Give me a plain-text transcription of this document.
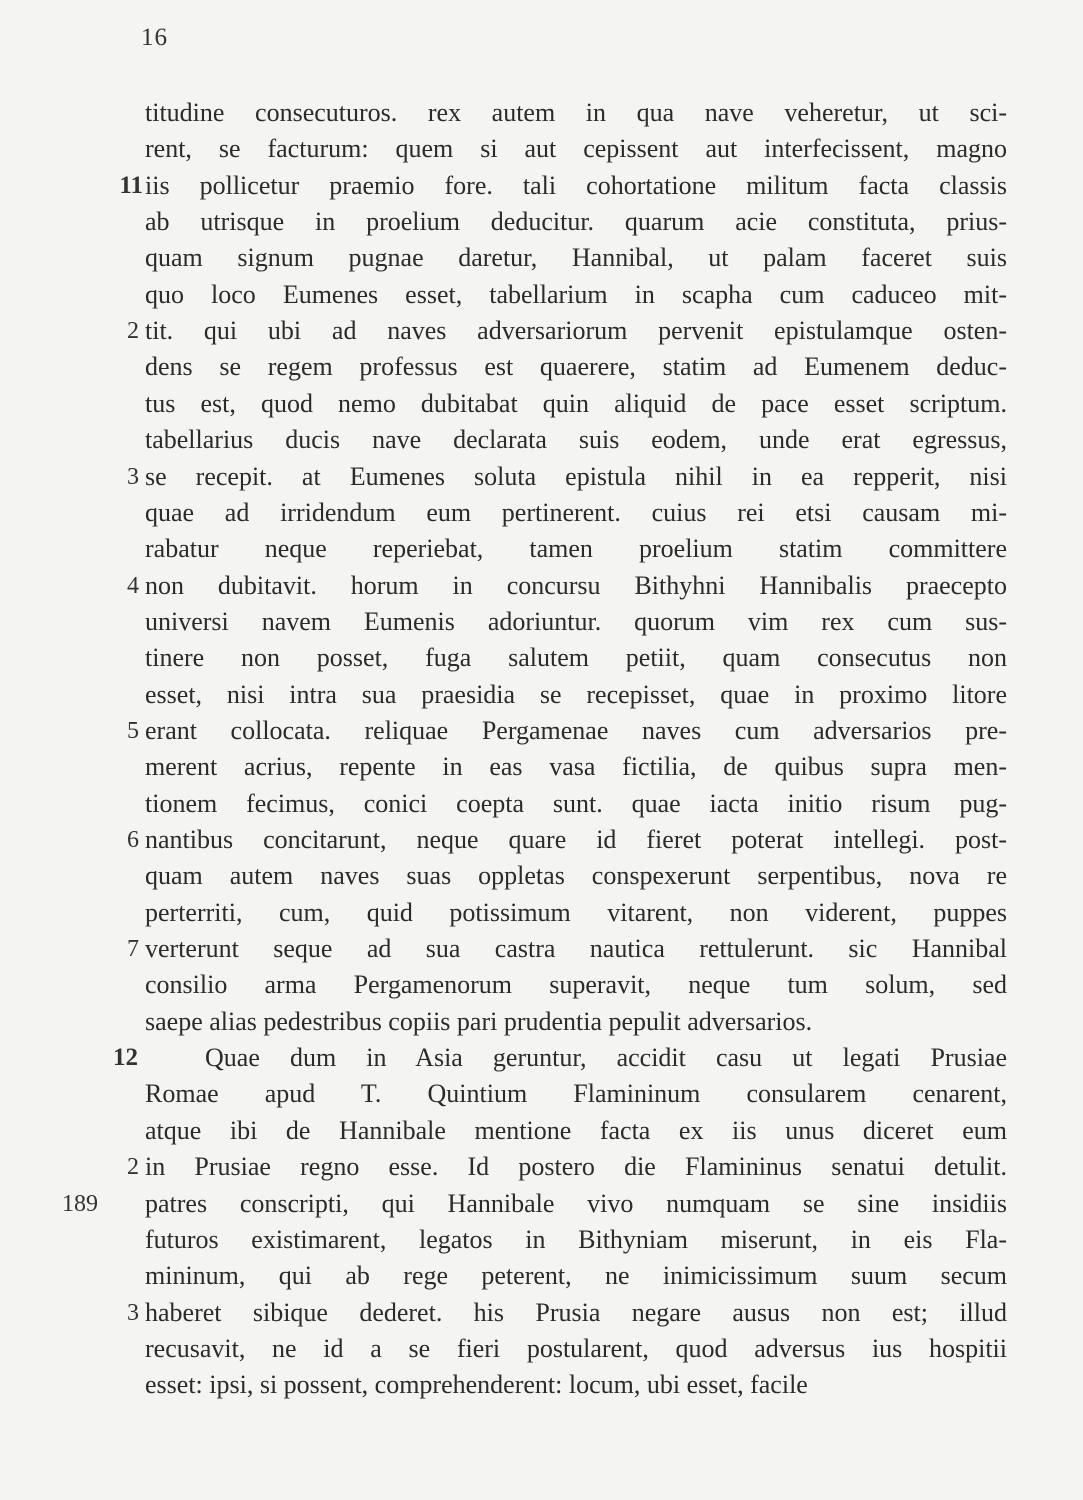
16
titudine consecuturos. rex autem in qua nave veheretur, ut sci-
rent, se facturum: quem si aut cepissent aut interfecissent, magno
11 iis pollicetur praemio fore. tali cohortatione militum facta classis
ab utrisque in proelium deducitur. quarum acie constituta, prius-
quam signum pugnae daretur, Hannibal, ut palam faceret suis
quo loco Eumenes esset, tabellarium in scapha cum caduceo mit-
2 tit. qui ubi ad naves adversariorum pervenit epistulamque osten-
dens se regem professus est quaerere, statim ad Eumenem deduc-
tus est, quod nemo dubitabat quin aliquid de pace esset scriptum.
tabellarius ducis nave declarata suis eodem, unde erat egressus,
3 se recepit. at Eumenes soluta epistula nihil in ea repperit, nisi
quae ad irridendum eum pertinerent. cuius rei etsi causam mi-
rabatur neque reperiebat, tamen proelium statim committere
4 non dubitavit. horum in concursu Bithyhni Hannibalis praecepto
universi navem Eumenis adoriuntur. quorum vim rex cum sus-
tinere non posset, fuga salutem petiit, quam consecutus non
esset, nisi intra sua praesidia se recepisset, quae in proximo litore
5 erant collocata. reliquae Pergamenae naves cum adversarios pre-
merent acrius, repente in eas vasa fictilia, de quibus supra men-
tionem fecimus, conici coepta sunt. quae iacta initio risum pug-
6 nantibus concitarunt, neque quare id fieret poterat intellegi. post-
quam autem naves suas oppletas conspexerunt serpentibus, nova re
perterriti, cum, quid potissimum vitarent, non viderent, puppes
7 verterunt seque ad sua castra nautica rettulerunt. sic Hannibal
consilio arma Pergamenorum superavit, neque tum solum, sed
saepe alias pedestribus copiis pari prudentia pepulit adversarios.
12	Quae dum in Asia geruntur, accidit casu ut legati Prusiae
Romae apud T. Quintium Flamininum consularem cenarent,
atque ibi de Hannibale mentione facta ex iis unus diceret eum
2 in Prusiae regno esse. Id postero die Flamininus senatui detulit.
189 patres conscripti, qui Hannibale vivo numquam se sine insidiis
futuros existimarent, legatos in Bithyniam miserunt, in eis Fla-
mininum, qui ab rege peterent, ne inimicissimum suum secum
3 haberet sibique dederet. his Prusia negare ausus non est; illud
recusavit, ne id a se fieri postularent, quod adversus ius hospitii
esset: ipsi, si possent, comprehenderent: locum, ubi esset, facile
